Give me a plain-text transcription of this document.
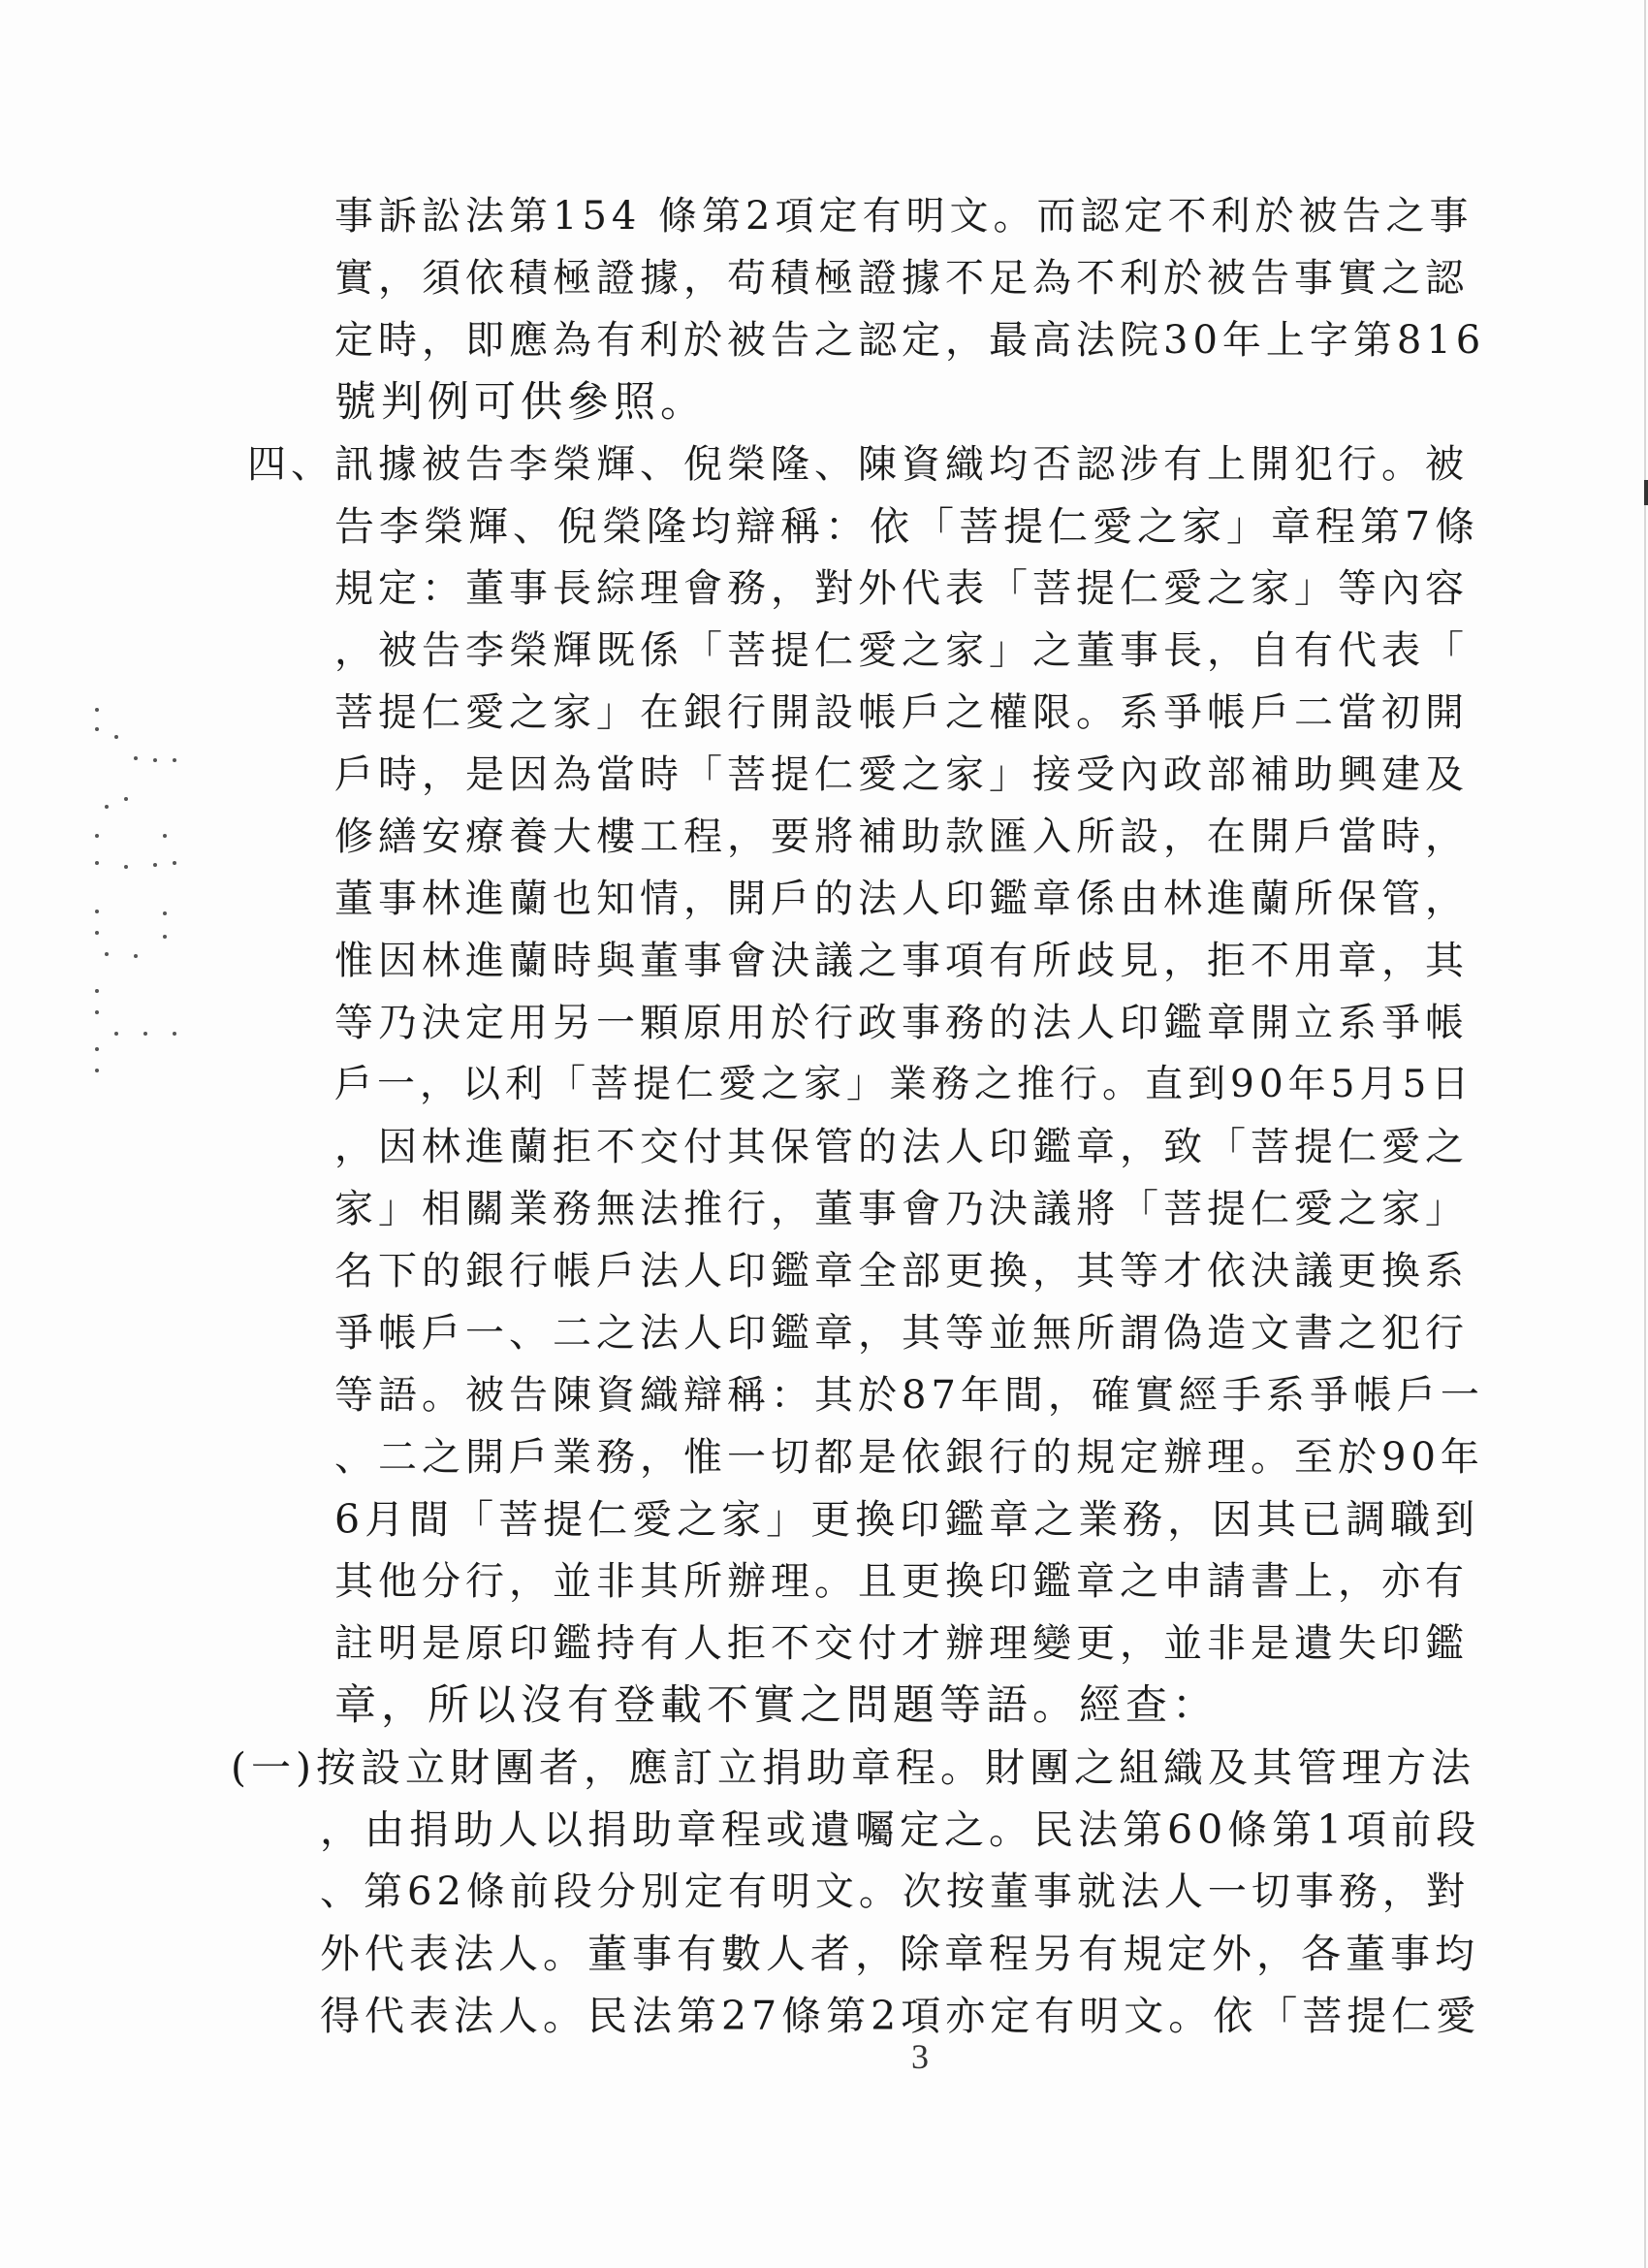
事訴訟法第154 條第2項定有明文。而認定不利於被告之事
實，須依積極證據，苟積極證據不足為不利於被告事實之認
定時，即應為有利於被告之認定，最高法院30年上字第816
號判例可供參照。
四、訊據被告李榮輝、倪榮隆、陳資織均否認涉有上開犯行。被
告李榮輝、倪榮隆均辯稱：依「菩提仁愛之家」章程第7條
規定：董事長綜理會務，對外代表「菩提仁愛之家」等內容
，被告李榮輝既係「菩提仁愛之家」之董事長，自有代表「
菩提仁愛之家」在銀行開設帳戶之權限。系爭帳戶二當初開
戶時，是因為當時「菩提仁愛之家」接受內政部補助興建及
修繕安療養大樓工程，要將補助款匯入所設，在開戶當時，
董事林進蘭也知情，開戶的法人印鑑章係由林進蘭所保管，
惟因林進蘭時與董事會決議之事項有所歧見，拒不用章，其
等乃決定用另一顆原用於行政事務的法人印鑑章開立系爭帳
戶一，以利「菩提仁愛之家」業務之推行。直到90年5月5日
，因林進蘭拒不交付其保管的法人印鑑章，致「菩提仁愛之
家」相關業務無法推行，董事會乃決議將「菩提仁愛之家」
名下的銀行帳戶法人印鑑章全部更換，其等才依決議更換系
爭帳戶一、二之法人印鑑章，其等並無所謂偽造文書之犯行
等語。被告陳資織辯稱：其於87年間，確實經手系爭帳戶一
、二之開戶業務，惟一切都是依銀行的規定辦理。至於90年
6月間「菩提仁愛之家」更換印鑑章之業務，因其已調職到
其他分行，並非其所辦理。且更換印鑑章之申請書上，亦有
註明是原印鑑持有人拒不交付才辦理變更，並非是遺失印鑑
章，所以沒有登載不實之問題等語。經查：
(一)按設立財團者，應訂立捐助章程。財團之組織及其管理方法
，由捐助人以捐助章程或遺囑定之。民法第60條第1項前段
、第62條前段分別定有明文。次按董事就法人一切事務，對
外代表法人。董事有數人者，除章程另有規定外，各董事均
得代表法人。民法第27條第2項亦定有明文。依「菩提仁愛
3
